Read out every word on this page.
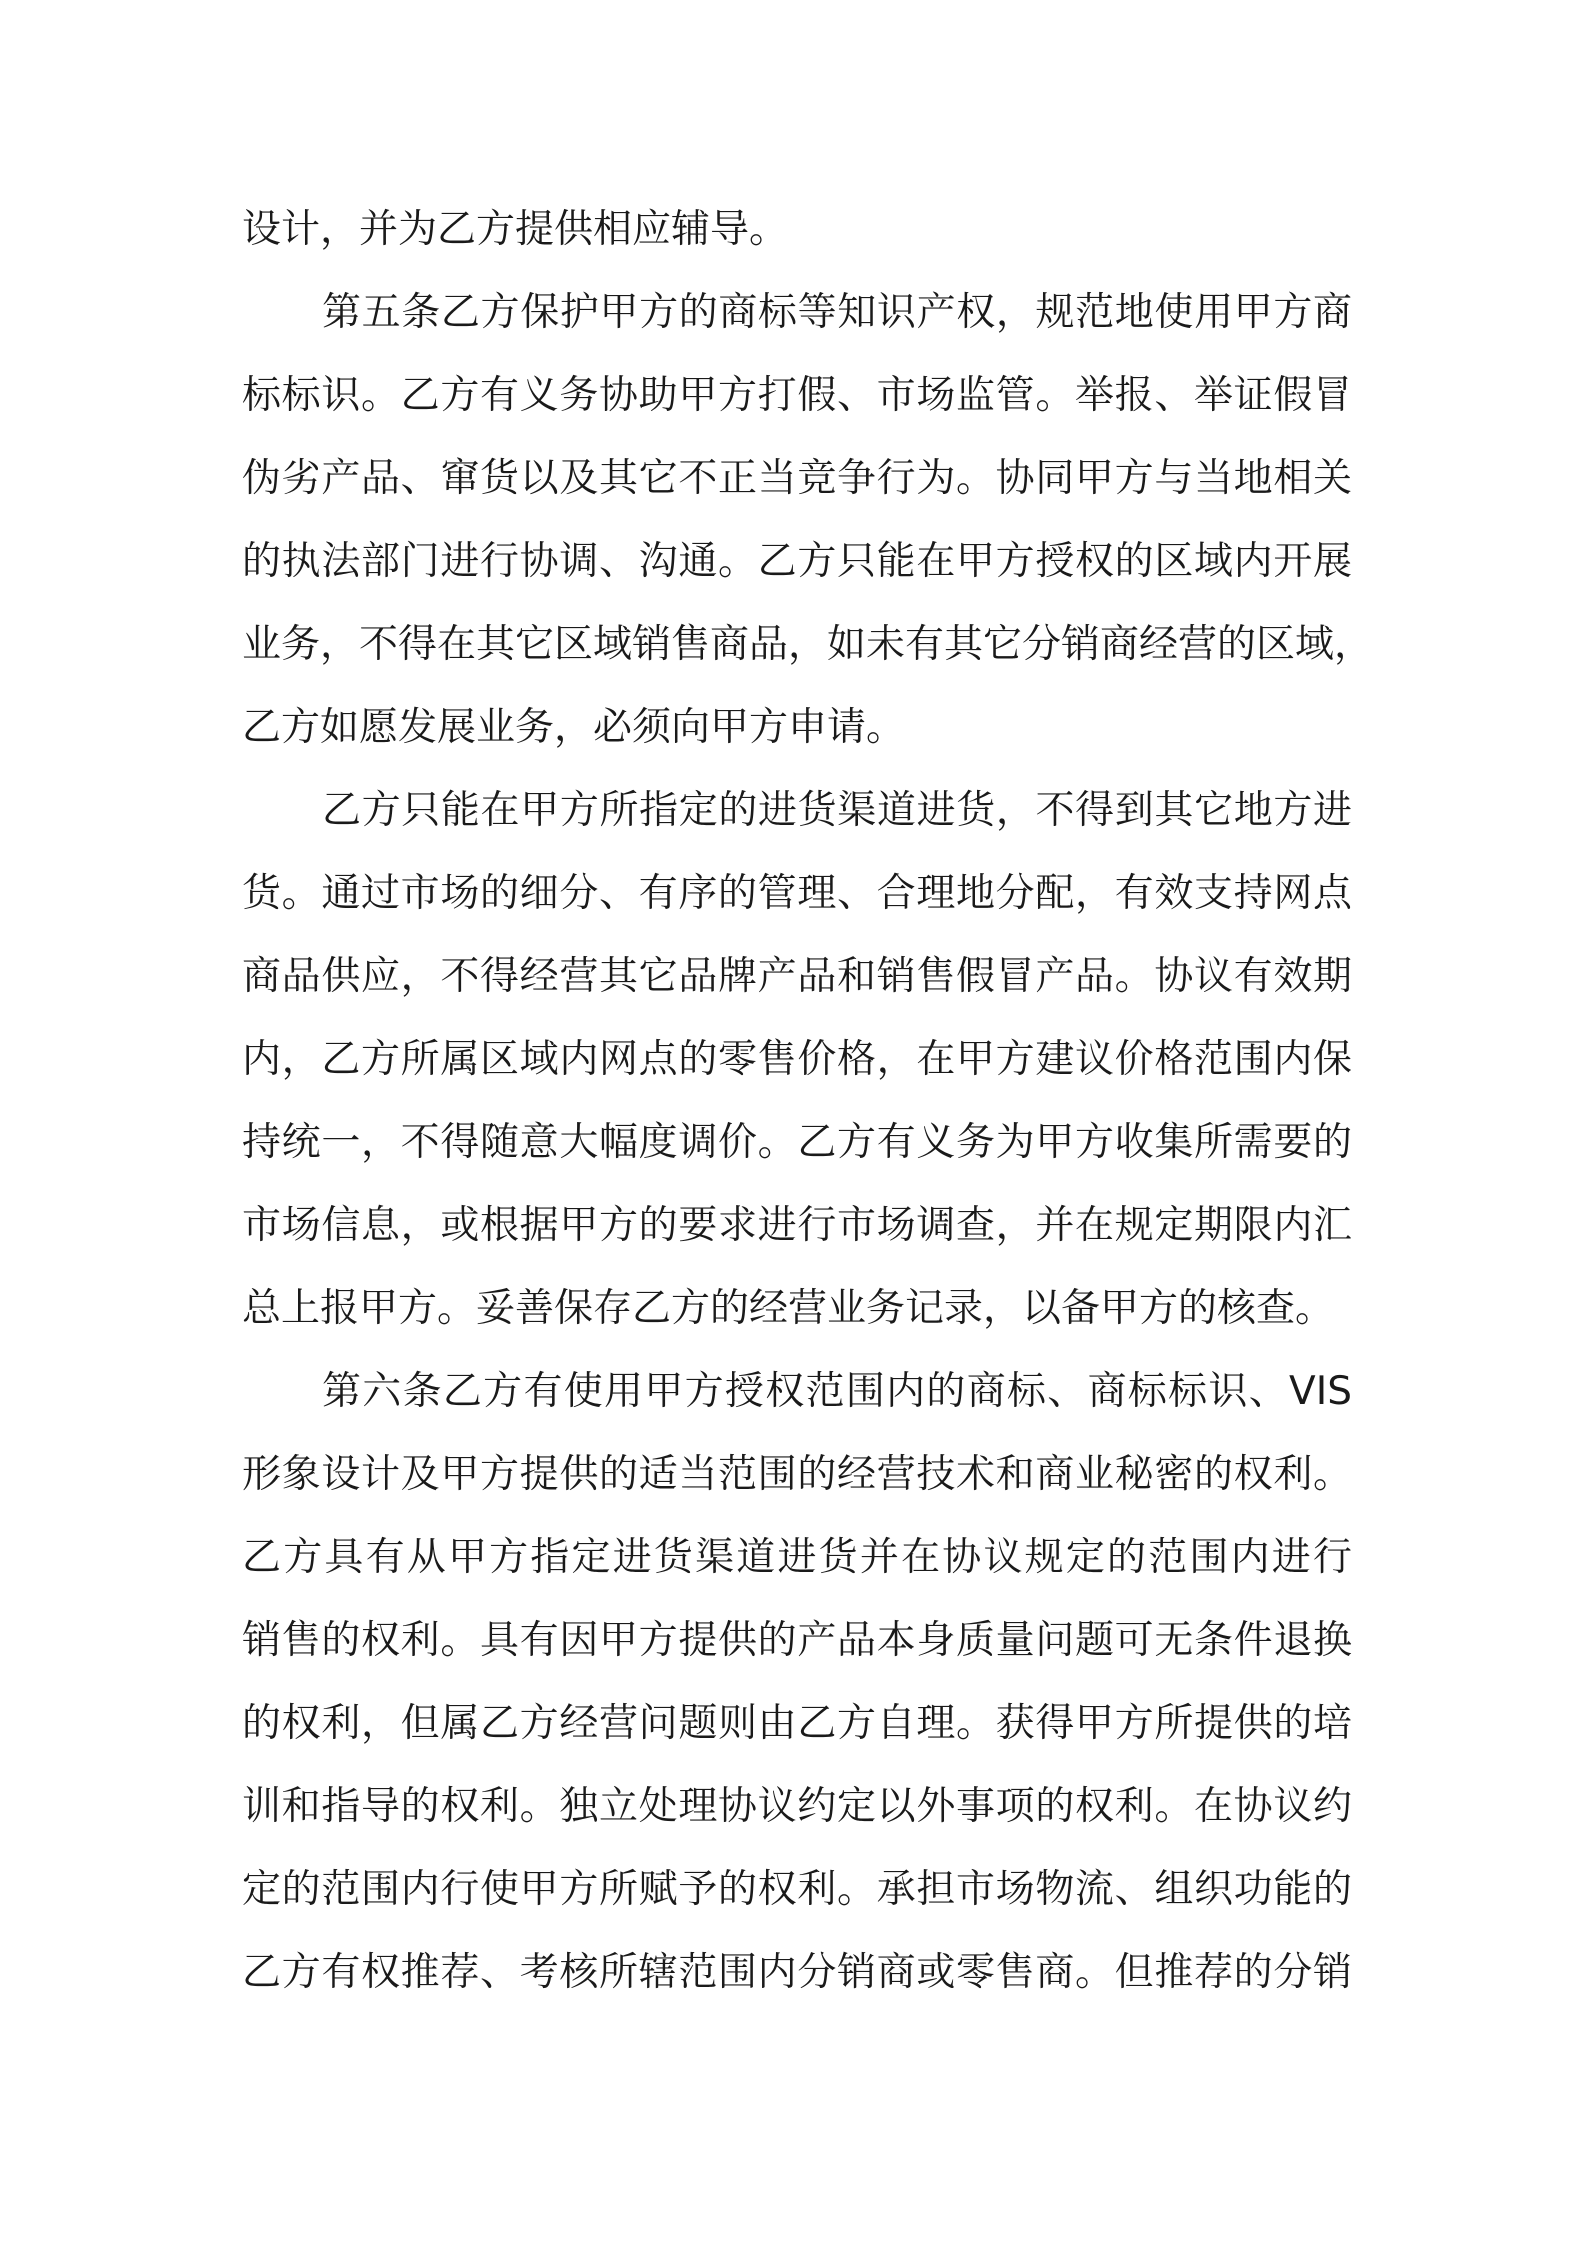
设计，并为乙方提供相应辅导。
第五条乙方保护甲方的商标等知识产权，规范地使用甲方商
标标识。乙方有义务协助甲方打假、市场监管。举报、举证假冒
伪劣产品、窜货以及其它不正当竞争行为。协同甲方与当地相关
的执法部门进行协调、沟通。乙方只能在甲方授权的区域内开展
业务，不得在其它区域销售商品，如未有其它分销商经营的区域，
乙方如愿发展业务，必须向甲方申请。
乙方只能在甲方所指定的进货渠道进货，不得到其它地方进
货。通过市场的细分、有序的管理、合理地分配，有效支持网点
商品供应，不得经营其它品牌产品和销售假冒产品。协议有效期
内，乙方所属区域内网点的零售价格，在甲方建议价格范围内保
持统一，不得随意大幅度调价。乙方有义务为甲方收集所需要的
市场信息，或根据甲方的要求进行市场调查，并在规定期限内汇
总上报甲方。妥善保存乙方的经营业务记录，以备甲方的核查。
第六条乙方有使用甲方授权范围内的商标、商标标识、VIS
形象设计及甲方提供的适当范围的经营技术和商业秘密的权利。
乙方具有从甲方指定进货渠道进货并在协议规定的范围内进行
销售的权利。具有因甲方提供的产品本身质量问题可无条件退换
的权利，但属乙方经营问题则由乙方自理。获得甲方所提供的培
训和指导的权利。独立处理协议约定以外事项的权利。在协议约
定的范围内行使甲方所赋予的权利。承担市场物流、组织功能的
乙方有权推荐、考核所辖范围内分销商或零售商。但推荐的分销
